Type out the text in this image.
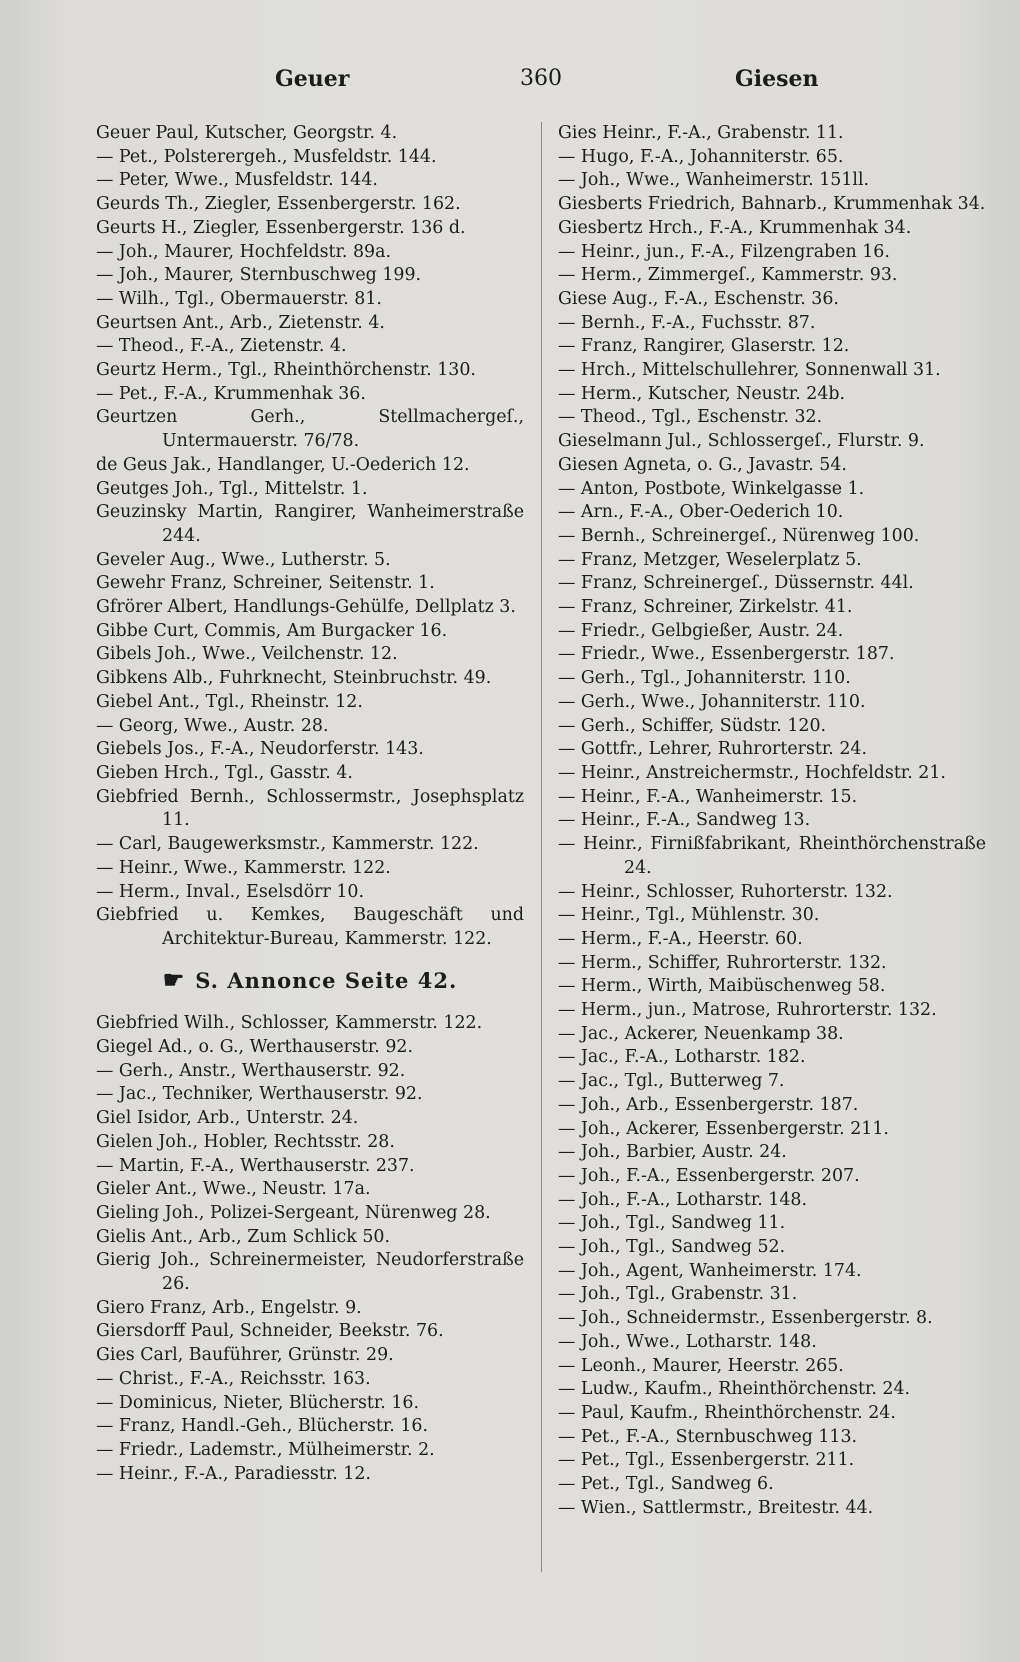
Geuer	360	Giesen
Geuer Paul, Kutscher, Georgstr. 4.
— Pet., Polsterergeh., Musfeldstr. 144.
— Peter, Wwe., Musfeldstr. 144.
Geurds Th., Ziegler, Essenbergerstr. 162.
Geurts H., Ziegler, Essenbergerstr. 136 d.
— Joh., Maurer, Hochfeldstr. 89a.
— Joh., Maurer, Sternbuschweg 199.
— Wilh., Tgl., Obermauerstr. 81.
Geurtsen Ant., Arb., Zietenstr. 4.
— Theod., F.-A., Zietenstr. 4.
Geurtz Herm., Tgl., Rheinthörchenstr. 130.
— Pet., F.-A., Krummenhak 36.
Geurtzen Gerh., Stellmachergeſ., Untermauerstr. 76/78.
de Geus Jak., Handlanger, U.-Oederich 12.
Geutges Joh., Tgl., Mittelstr. 1.
Geuzinsky Martin, Rangirer, Wanheimerstraße 244.
Geveler Aug., Wwe., Lutherstr. 5.
Gewehr Franz, Schreiner, Seitenstr. 1.
Gfrörer Albert, Handlungs-Gehülfe, Dellplatz 3.
Gibbe Curt, Commis, Am Burgacker 16.
Gibels Joh., Wwe., Veilchenstr. 12.
Gibkens Alb., Fuhrknecht, Steinbruchstr. 49.
Giebel Ant., Tgl., Rheinstr. 12.
— Georg, Wwe., Austr. 28.
Giebels Jos., F.-A., Neudorferstr. 143.
Gieben Hrch., Tgl., Gasstr. 4.
Giebfried Bernh., Schlossermstr., Josephsplatz 11.
— Carl, Baugewerksmstr., Kammerstr. 122.
— Heinr., Wwe., Kammerstr. 122.
— Herm., Inval., Eselsdörr 10.
Giebfried u. Kemkes, Baugeschäft und Architektur-Bureau, Kammerstr. 122.
☛ S. Annonce Seite 42.
Giebfried Wilh., Schlosser, Kammerstr. 122.
Giegel Ad., o. G., Werthauserstr. 92.
— Gerh., Anstr., Werthauserstr. 92.
— Jac., Techniker, Werthauserstr. 92.
Giel Isidor, Arb., Unterstr. 24.
Gielen Joh., Hobler, Rechtsstr. 28.
— Martin, F.-A., Werthauserstr. 237.
Gieler Ant., Wwe., Neustr. 17a.
Gieling Joh., Polizei-Sergeant, Nürenweg 28.
Gielis Ant., Arb., Zum Schlick 50.
Gierig Joh., Schreinermeister, Neudorferstraße 26.
Giero Franz, Arb., Engelstr. 9.
Giersdorff Paul, Schneider, Beekstr. 76.
Gies Carl, Bauführer, Grünstr. 29.
— Christ., F.-A., Reichsstr. 163.
— Dominicus, Nieter, Blücherstr. 16.
— Franz, Handl.-Geh., Blücherstr. 16.
— Friedr., Lademstr., Mülheimerstr. 2.
— Heinr., F.-A., Paradiesstr. 12.
Gies Heinr., F.-A., Grabenstr. 11.
— Hugo, F.-A., Johanniterstr. 65.
— Joh., Wwe., Wanheimerstr. 151ll.
Giesberts Friedrich, Bahnarb., Krummenhak 34.
Giesbertz Hrch., F.-A., Krummenhak 34.
— Heinr., jun., F.-A., Filzengraben 16.
— Herm., Zimmergeſ., Kammerstr. 93.
Giese Aug., F.-A., Eschenstr. 36.
— Bernh., F.-A., Fuchsstr. 87.
— Franz, Rangirer, Glaserstr. 12.
— Hrch., Mittelschullehrer, Sonnenwall 31.
— Herm., Kutscher, Neustr. 24b.
— Theod., Tgl., Eschenstr. 32.
Gieselmann Jul., Schlossergeſ., Flurstr. 9.
Giesen Agneta, o. G., Javastr. 54.
— Anton, Postbote, Winkelgasse 1.
— Arn., F.-A., Ober-Oederich 10.
— Bernh., Schreinergeſ., Nürenweg 100.
— Franz, Metzger, Weselerplatz 5.
— Franz, Schreinergeſ., Düssernstr. 44l.
— Franz, Schreiner, Zirkelstr. 41.
— Friedr., Gelbgießer, Austr. 24.
— Friedr., Wwe., Essenbergerstr. 187.
— Gerh., Tgl., Johanniterstr. 110.
— Gerh., Wwe., Johanniterstr. 110.
— Gerh., Schiffer, Südstr. 120.
— Gottfr., Lehrer, Ruhrorterstr. 24.
— Heinr., Anstreichermstr., Hochfeldstr. 21.
— Heinr., F.-A., Wanheimerstr. 15.
— Heinr., F.-A., Sandweg 13.
— Heinr., Firnißfabrikant, Rheinthörchenstraße 24.
— Heinr., Schlosser, Ruhorterstr. 132.
— Heinr., Tgl., Mühlenstr. 30.
— Herm., F.-A., Heerstr. 60.
— Herm., Schiffer, Ruhrorterstr. 132.
— Herm., Wirth, Maibüschenweg 58.
— Herm., jun., Matrose, Ruhrorterstr. 132.
— Jac., Ackerer, Neuenkamp 38.
— Jac., F.-A., Lotharstr. 182.
— Jac., Tgl., Butterweg 7.
— Joh., Arb., Essenbergerstr. 187.
— Joh., Ackerer, Essenbergerstr. 211.
— Joh., Barbier, Austr. 24.
— Joh., F.-A., Essenbergerstr. 207.
— Joh., F.-A., Lotharstr. 148.
— Joh., Tgl., Sandweg 11.
— Joh., Tgl., Sandweg 52.
— Joh., Agent, Wanheimerstr. 174.
— Joh., Tgl., Grabenstr. 31.
— Joh., Schneidermstr., Essenbergerstr. 8.
— Joh., Wwe., Lotharstr. 148.
— Leonh., Maurer, Heerstr. 265.
— Ludw., Kaufm., Rheinthörchenstr. 24.
— Paul, Kaufm., Rheinthörchenstr. 24.
— Pet., F.-A., Sternbuschweg 113.
— Pet., Tgl., Essenbergerstr. 211.
— Pet., Tgl., Sandweg 6.
— Wien., Sattlermstr., Breitestr. 44.
